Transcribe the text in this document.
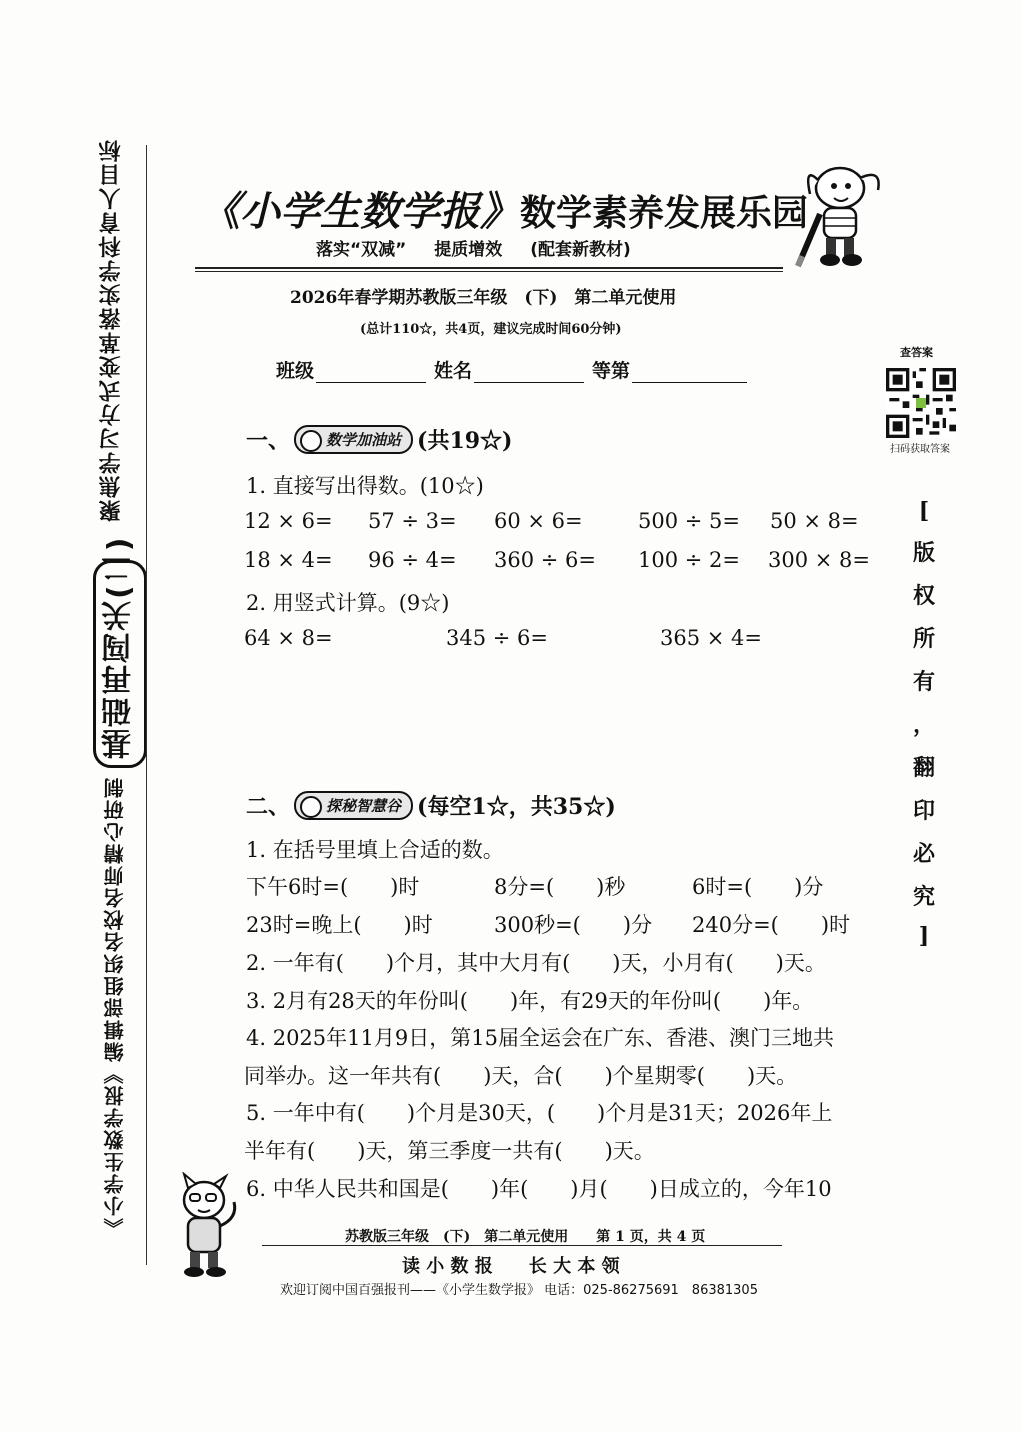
落实学科育人目标
聚焦学习方式变革
基础再闯关(二)
《小学生数学报》编辑部组织名校名师精心研制
《小学生数学报》数学素养发展乐园
落实“双减” 提质增效 (配套新教材)
2026年春学期苏教版三年级　(下)　第二单元使用
(总计110☆，共4页，建议完成时间60分钟)
班级	姓名	等第
查答案
扫码获取答案
[
版
权
所
有
，
翻
印
必
究
]
一、	数学加油站 (共19☆)
1. 直接写出得数。(10☆)
12 × 6= 57 ÷ 3= 60 × 6=	500 ÷ 5= 50 × 8=
18 × 4= 96 ÷ 4= 360 ÷ 6= 100 ÷ 2= 300 × 8=
2. 用竖式计算。(9☆)
64 × 8=	345 ÷ 6=	365 × 4=
二、	探秘智慧谷 (每空1☆，共35☆)
1. 在括号里填上合适的数。
下午6时=(　　)时	8分=(　　)秒	6时=(　　)分
23时=晚上(　　)时	300秒=(　　)分 240分=(　　)时
2. 一年有(　　)个月，其中大月有(　　)天，小月有(　　)天。
3. 2月有28天的年份叫(　　)年，有29天的年份叫(　　)年。
4. 2025年11月9日，第15届全运会在广东、香港、澳门三地共
同举办。这一年共有(　　)天，合(　　)个星期零(　　)天。
5. 一年中有(　　)个月是30天，(　　)个月是31天；2026年上
半年有(　　)天，第三季度一共有(　　)天。
6. 中华人民共和国是(　　)年(　　)月(　　)日成立的，今年10
苏教版三年级　(下)　第二单元使用　　第 1 页，共 4 页
读 小 数 报　　长 大 本 领
欢迎订阅中国百强报刊——《小学生数学报》 电话：025-86275691　86381305
